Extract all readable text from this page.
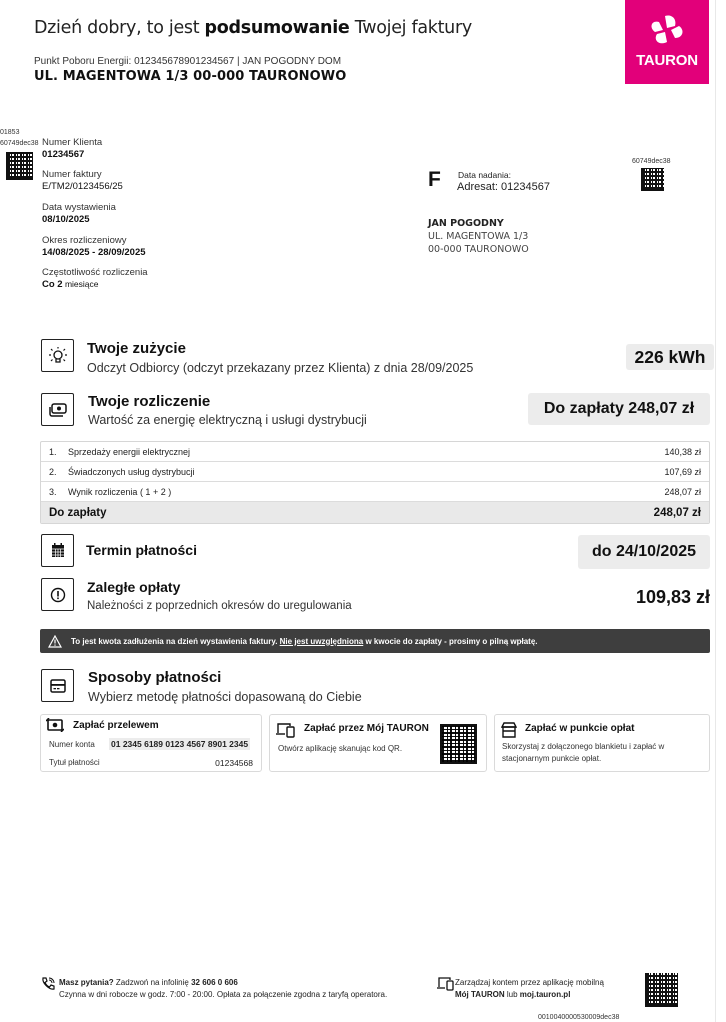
Dzień dobry, to jest podsumowanie Twojej faktury
Punkt Poboru Energii: 012345678901234567 | JAN POGODNY DOM
UL. MAGENTOWA 1/3 00-000 TAURONOWO
TAURON
01853
60749dec38 Numer Klienta
01234567
Numer faktury
E/TM2/0123456/25
Data wystawienia
08/10/2025
Okres rozliczeniowy
14/08/2025 - 28/09/2025
Częstotliwość rozliczenia
Co 2 miesiące
F Data nadania:
Adresat: 01234567
60749dec38
JAN POGODNY
UL. MAGENTOWA 1/3
00-000 TAURONOWO
Twoje zużycie
Odczyt Odbiorcy (odczyt przekazany przez Klienta) z dnia 28/09/2025
226 kWh
Twoje rozliczenie
Wartość za energię elektryczną i usługi dystrybucji
Do zapłaty 248,07 zł
1.	Sprzedaży energii elektrycznej	140,38 zł
2.	Świadczonych usług dystrybucji	107,69 zł
3.	Wynik rozliczenia ( 1 + 2 )	248,07 zł
Do zapłaty	248,07 zł
Termin płatności	do 24/10/2025
Zaległe opłaty
Należności z poprzednich okresów do uregulowania	109,83 zł
To jest kwota zadłużenia na dzień wystawienia faktury. Nie jest uwzględniona w kwocie do zapłaty - prosimy o pilną wpłatę.
Sposoby płatności
Wybierz metodę płatności dopasowaną do Ciebie
Zapłać przelewem
Numer konta 01 2345 6189 0123 4567 8901 2345
Tytuł płatności	01234568
Zapłać przez Mój TAURON
Otwórz aplikację skanując kod QR.
Zapłać w punkcie opłat
Skorzystaj z dołączonego blankietu i zapłać w stacjonarnym punkcie opłat.
Masz pytania? Zadzwoń na infolinię 32 606 0 606
Czynna w dni robocze w godz. 7:00 - 20:00. Opłata za połączenie zgodna z taryfą operatora.
Zarządzaj kontem przez aplikację mobilną
Mój TAURON lub moj.tauron.pl
0010040000530009dec38
